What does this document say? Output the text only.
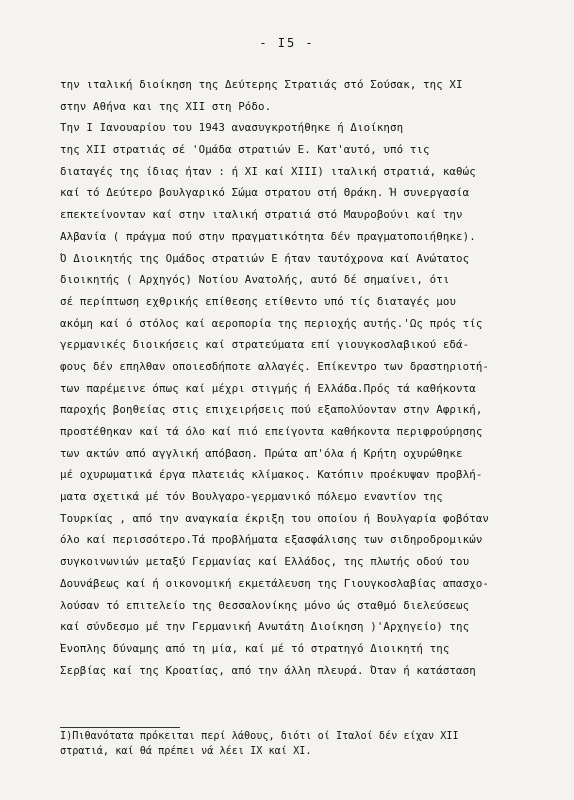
- I5 -
την ιταλική διοίκηση της Δεύτερης Στρατιάς στό Σούσακ, της XI
στην Αθήνα και της XII στη Ρόδο.
Την Ι Ιανουαρίου του 1943 ανασυγκροτήθηκε ή Διοίκηση
της XII στρατιάς σέ 'Ομάδα στρατιών Ε. Κατ'αυτό, υπό τις
διαταγές της ίδιας ήταν : ή XI καί XIIΙ) ιταλική στρατιά, καθώς
καί τό Δεύτερο βουλγαρικό Σώμα στρατου στή Θράκη. Ή συνεργασία
επεκτείνονταν καί στην ιταλική στρατιά στό Μαυροβούνι καί την
Αλβανία ( πράγμα πού στην πραγματικότητα δέν πραγματοποιήθηκε).
Ό Διοικητής της Ομάδος στρατιών Ε ήταν ταυτόχρονα καί Ανώτατος
διοικητής ( Αρχηγός) Νοτίου Ανατολής, αυτό δέ σημαίνει, ότι
σέ περίπτωση εχθρικής επίθεσης ετίθεντο υπό τίς διαταγές μου
ακόμη καί ό στόλος καί αεροπορία της περιοχής αυτής.'Ως πρός τίς
γερμανικές διοικήσεις καί στρατεύματα επί γιουγκοσλαβικού εδά-
φους δέν επηλθαν οποιεσδήποτε αλλαγές. Επίκεντρο των δραστηριοτή-
των παρέμεινε όπως καί μέχρι στιγμής ή Ελλάδα.Πρός τά καθήκοντα
παροχής βοηθείας στις επιχειρήσεις πού εξαπολύονταν στην Αφρική,
προστέθηκαν καί τά όλο καί πιό επείγοντα καθήκοντα περιφρούρησης
των ακτών από αγγλική απόβαση. Πρώτα απ'όλα ή Κρήτη οχυρώθηκε
μέ οχυρωματικά έργα πλατειάς κλίμακος. Κατόπιν προέκυψαν προβλή-
ματα σχετικά μέ τόν Βουλγαρο-γερμανικό πόλεμο εναντίον της
Τουρκίας , από την αναγκαία έκριξη του οποίου ή Βουλγαρία φοβόταν
όλο καί περισσότερο.Τά προβλήματα εξασφάλισης των σιδηροδρομικών
συγκοινωνιών μεταξύ Γερμανίας καί Ελλάδος, της πλωτής οδού του
Δουνάβεως καί ή οικονομική εκμετάλευση της Γιουγκοσλαβίας απασχο-
λούσαν τό επιτελείο της Θεσσαλονίκης μόνο ώς σταθμό διελεύσεως
καί σύνδεσμο μέ την Γερμανική Ανωτάτη Διοίκηση )'Αρχηγείο) της
Ένοπλης δύναμης από τη μία, καί μέ τό στρατηγό Διοικητή της
Σερβίας καί της Κροατίας, από την άλλη πλευρά. Όταν ή κατάσταση
I)Πιθανότατα πρόκειται περί λάθους, διότι οί Ιταλοί δέν είχαν XII
στρατιά, καί θά πρέπει νά λέει ΙΧ καί XI.
